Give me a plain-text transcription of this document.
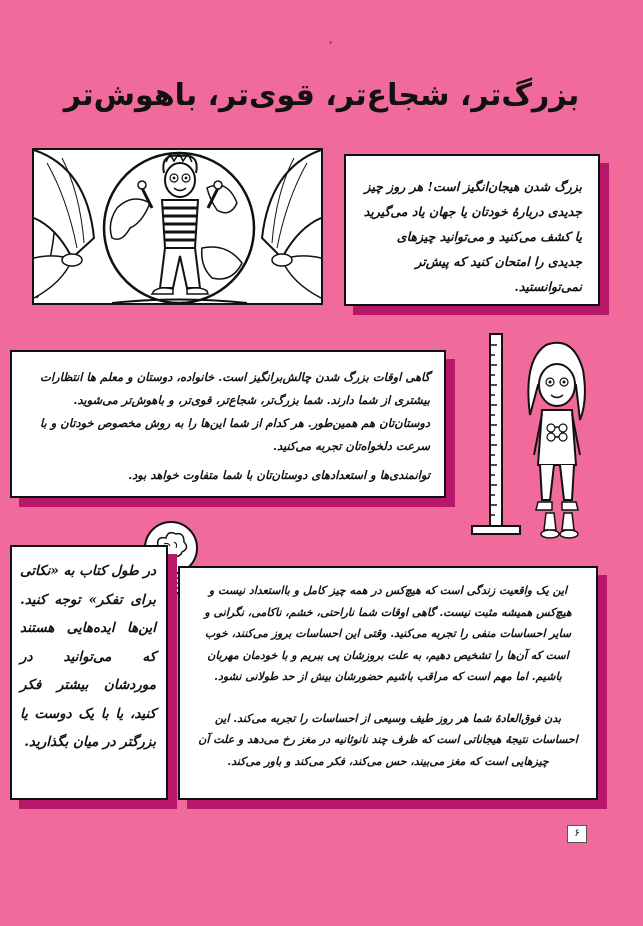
بزرگ‌تر، شجاع‌تر، قوی‌تر، باهوش‌تر

بزرگ شدن هیجان‌انگیز است! هر روز چیز جدیدی دربارهٔ خودتان یا جهان یاد می‌گیرید یا کشف می‌کنید و می‌توانید چیزهای جدیدی را امتحان کنید که پیش‌تر نمی‌توانستید.

گاهی اوقات بزرگ شدن چالش‌برانگیز است. خانواده، دوستان و معلم ها انتظارات بیشتری از شما دارند. شما بزرگ‌تر، شجاع‌تر، قوی‌تر، و باهوش‌تر می‌شوید. دوستان‌تان هم همین‌طور. هر کدام از شما این‌ها را به روش مخصوص خودتان و با سرعت دلخواه‌تان تجربه می‌کنید.

توانمندی‌ها و استعدادهای دوستان‌تان با شما متفاوت خواهد بود.

در طول کتاب به «نکاتی برای تفکر» توجه کنید. این‌ها ایده‌هایی هستند که می‌توانید در موردشان بیشتر فکر کنید، یا با یک دوست یا بزرگتر در میان بگذارید.

این یک واقعیت زندگی است که هیچ‌کس در همه چیز کامل و بااستعداد نیست و هیچ‌کس همیشه مثبت نیست. گاهی اوقات شما ناراحتی، خشم، ناکامی، نگرانی و سایر احساسات منفی را تجربه می‌کنید. وقتی این احساسات بروز می‌کنند، خوب است که آن‌ها را تشخیص دهیم، به علت بروزشان پی ببریم و با خودمان مهربان باشیم. اما مهم است که مراقب باشیم حضورشان بیش از حد طولانی نشود.

بدن فوق‌العادهٔ شما هر روز طیف وسیعی از احساسات را تجربه می‌کند. این احساسات نتیجهٔ هیجاناتی است که ظرف چند نانوثانیه در مغز رخ می‌دهد و علت آن چیزهایی است که مغز می‌بیند، حس می‌کند، فکر می‌کند و باور می‌کند.

۶
